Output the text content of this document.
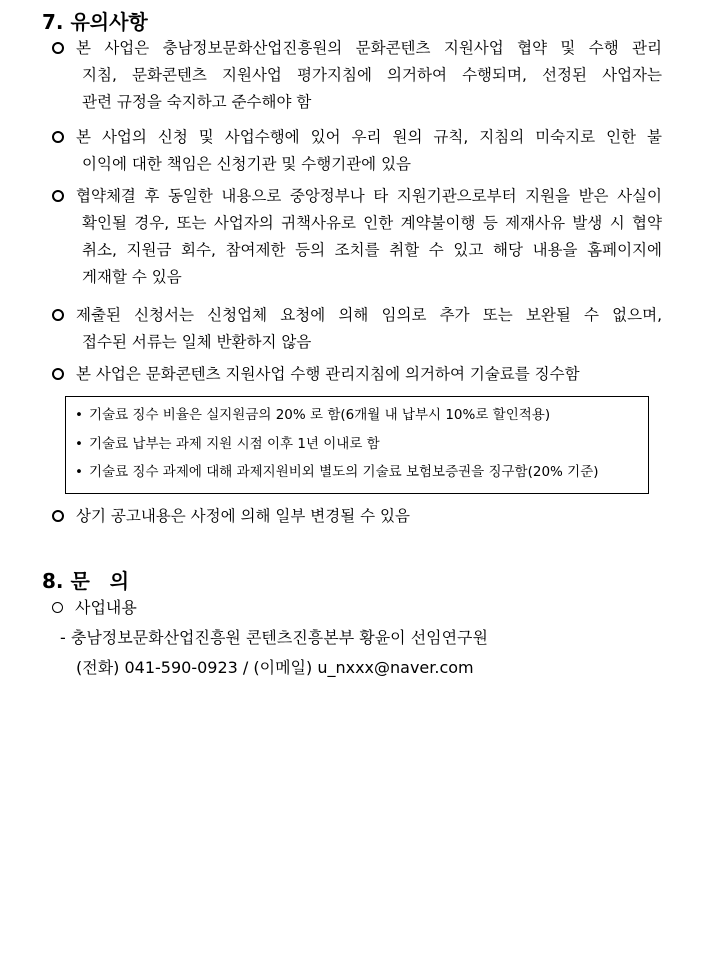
7. 유의사항
본 사업은 충남정보문화산업진흥원의 문화콘텐츠 지원사업 협약 및 수행 관리
지침, 문화콘텐츠 지원사업 평가지침에 의거하여 수행되며, 선정된 사업자는
관련 규정을 숙지하고 준수해야 함
본 사업의 신청 및 사업수행에 있어 우리 원의 규칙, 지침의 미숙지로 인한 불
이익에 대한 책임은 신청기관 및 수행기관에 있음
협약체결 후 동일한 내용으로 중앙정부나 타 지원기관으로부터 지원을 받은 사실이
확인될 경우, 또는 사업자의 귀책사유로 인한 계약불이행 등 제재사유 발생 시 협약
취소, 지원금 회수, 참여제한 등의 조치를 취할 수 있고 해당 내용을 홈페이지에
게재할 수 있음
제출된 신청서는 신청업체 요청에 의해 임의로 추가 또는 보완될 수 없으며,
접수된 서류는 일체 반환하지 않음
본 사업은 문화콘텐츠 지원사업 수행 관리지침에 의거하여 기술료를 징수함
• 기술료 징수 비율은 실지원금의 20% 로 함(6개월 내 납부시 10%로 할인적용)
• 기술료 납부는 과제 지원 시점 이후 1년 이내로 함
• 기술료 징수 과제에 대해 과제지원비외 별도의 기술료 보험보증권을 징구함(20% 기준)
상기 공고내용은 사정에 의해 일부 변경될 수 있음
8. 문　의
사업내용
- 충남정보문화산업진흥원 콘텐츠진흥본부 황윤이 선임연구원
(전화) 041-590-0923 / (이메일) u_nxxx@naver.com
